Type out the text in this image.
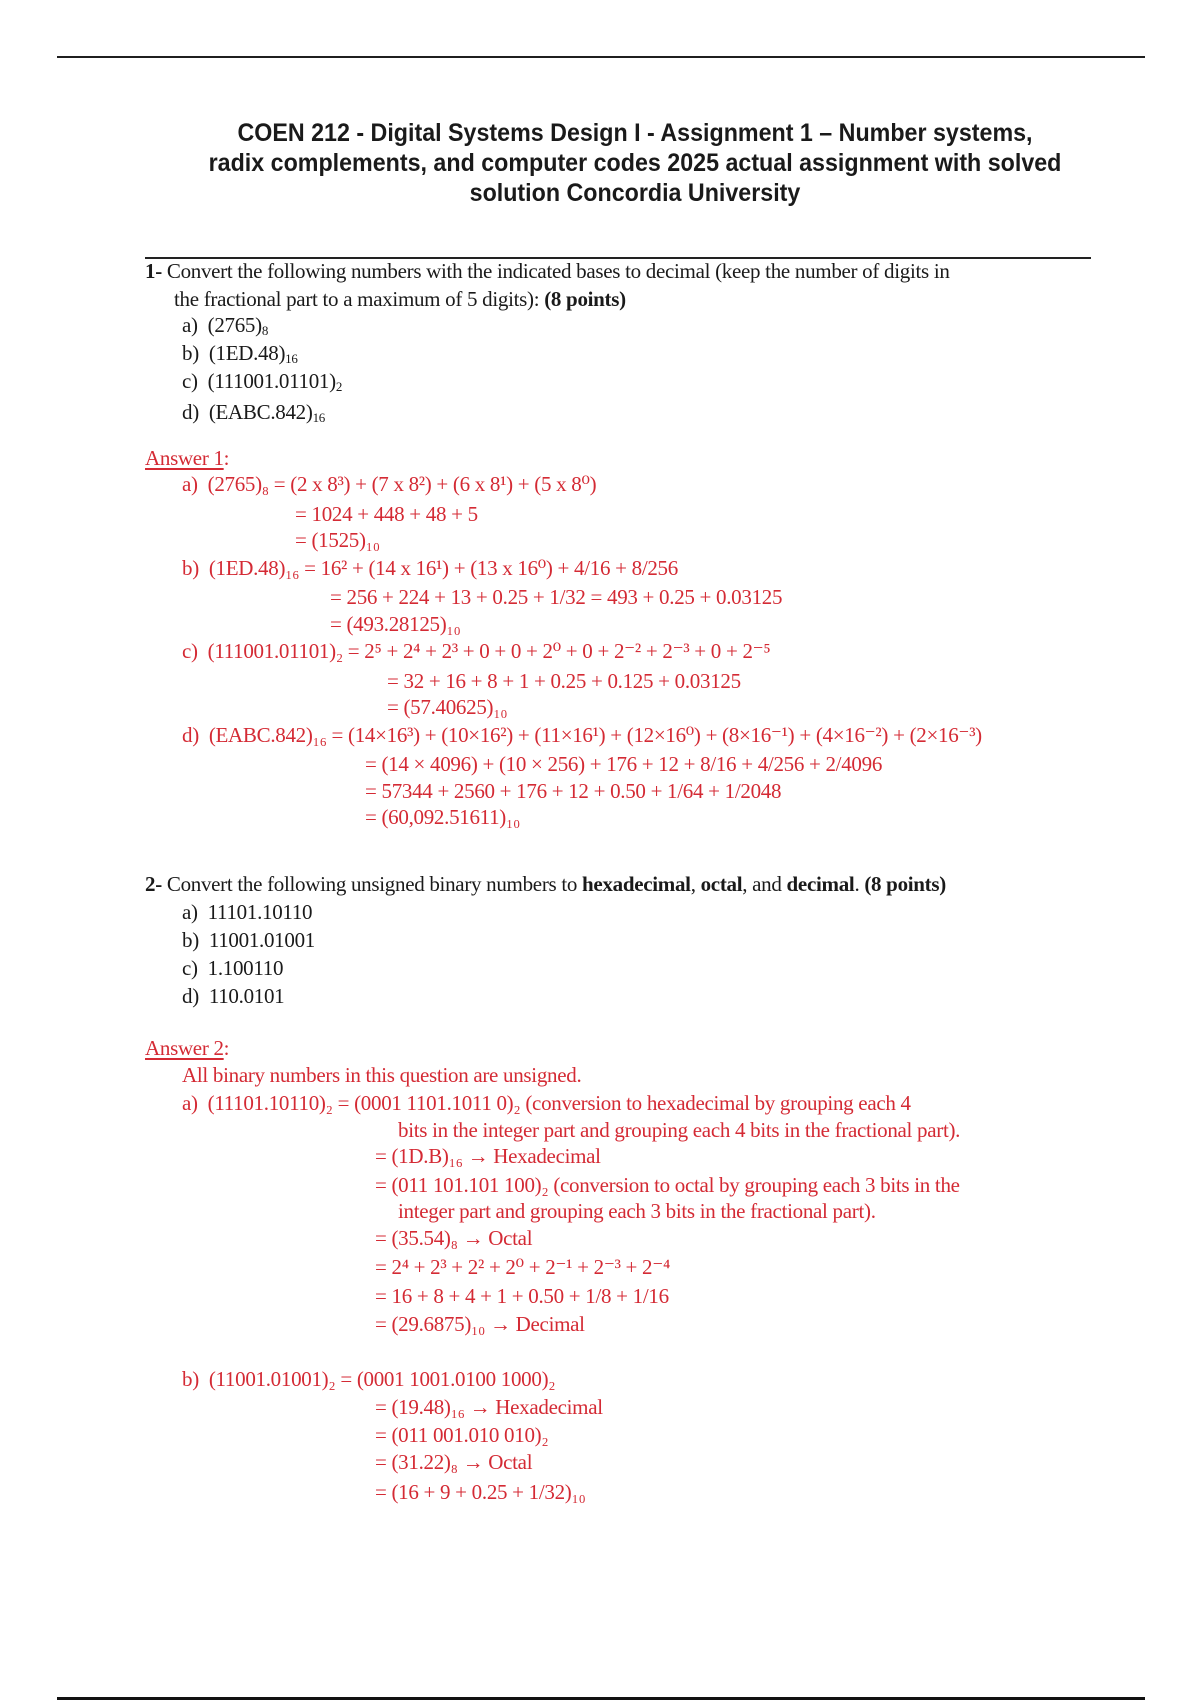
COEN 212 - Digital Systems Design I - Assignment 1 – Number systems,
radix complements, and computer codes 2025 actual assignment with solved
solution Concordia University
1- Convert the following numbers with the indicated bases to decimal (keep the number of digits in
the fractional part to a maximum of 5 digits): (8 points)
a) $(2765)_8$
b) $(1ED.48)_{16}$
c) $(111001.01101)_2$
d) $(EABC.842)_{16}$
Answer 1:
a) (2765)₈ = (2 x 8³) + (7 x 8²) + (6 x 8¹) + (5 x 8⁰)
= 1024 + 448 + 48 + 5
= (1525)₁₀
b) (1ED.48)₁₆ = 16² + (14 x 16¹) + (13 x 16⁰) + 4/16 + 8/256
= 256 + 224 + 13 + 0.25 + 1/32 = 493 + 0.25 + 0.03125
= (493.28125)₁₀
c) (111001.01101)₂ = 2⁵ + 2⁴ + 2³ + 0 + 0 + 2⁰ + 0 + 2⁻² + 2⁻³ + 0 + 2⁻⁵
= 32 + 16 + 8 + 1 + 0.25 + 0.125 + 0.03125
= (57.40625)₁₀
d) (EABC.842)₁₆ = (14×16³) + (10×16²) + (11×16¹) + (12×16⁰) + (8×16⁻¹) + (4×16⁻²) + (2×16⁻³)
= (14 × 4096) + (10 × 256) + 176 + 12 + 8/16 + 4/256 + 2/4096
= 57344 + 2560 + 176 + 12 + 0.50 + 1/64 + 1/2048
= (60,092.51611)₁₀
2- Convert the following unsigned binary numbers to hexadecimal, octal, and decimal. (8 points)
a) 11101.10110
b) 11001.01001
c) 1.100110
d) 110.0101
Answer 2:
All binary numbers in this question are unsigned.
a) (11101.10110)₂ = (0001 1101.1011 0)₂ (conversion to hexadecimal by grouping each 4
bits in the integer part and grouping each 4 bits in the fractional part).
= (1D.B)₁₆ → Hexadecimal
= (011 101.101 100)₂ (conversion to octal by grouping each 3 bits in the
integer part and grouping each 3 bits in the fractional part).
= (35.54)₈ → Octal
= 2⁴ + 2³ + 2² + 2⁰ + 2⁻¹ + 2⁻³ + 2⁻⁴
= 16 + 8 + 4 + 1 + 0.50 + 1/8 + 1/16
= (29.6875)₁₀ → Decimal
b) (11001.01001)₂ = (0001 1001.0100 1000)₂
= (19.48)₁₆ → Hexadecimal
= (011 001.010 010)₂
= (31.22)₈ → Octal
= (16 + 9 + 0.25 + 1/32)₁₀
